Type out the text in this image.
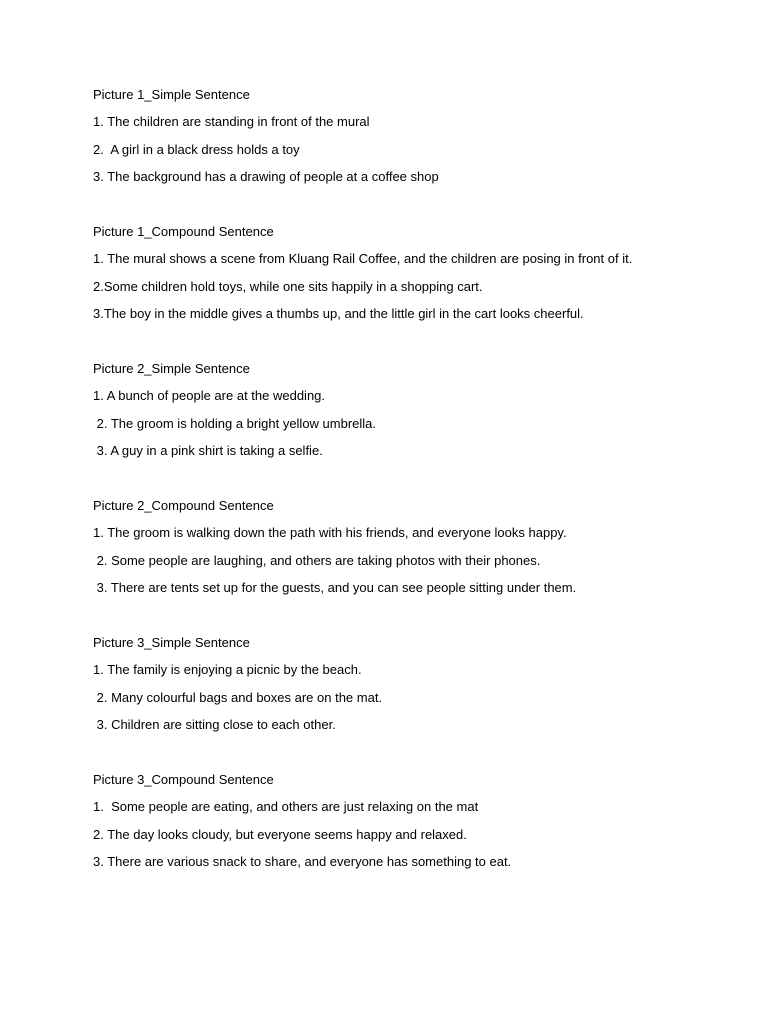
Picture 1_Simple Sentence
1. The children are standing in front of the mural
2.  A girl in a black dress holds a toy
3. The background has a drawing of people at a coffee shop
Picture 1_Compound Sentence
1. The mural shows a scene from Kluang Rail Coffee, and the children are posing in front of it.
2.Some children hold toys, while one sits happily in a shopping cart.
3.The boy in the middle gives a thumbs up, and the little girl in the cart looks cheerful.
Picture 2_Simple Sentence
1. A bunch of people are at the wedding.
2. The groom is holding a bright yellow umbrella.
3. A guy in a pink shirt is taking a selfie.
Picture 2_Compound Sentence
1. The groom is walking down the path with his friends, and everyone looks happy.
2. Some people are laughing, and others are taking photos with their phones.
3. There are tents set up for the guests, and you can see people sitting under them.
Picture 3_Simple Sentence
1. The family is enjoying a picnic by the beach.
2. Many colourful bags and boxes are on the mat.
3. Children are sitting close to each other.
Picture 3_Compound Sentence
1.  Some people are eating, and others are just relaxing on the mat
2. The day looks cloudy, but everyone seems happy and relaxed.
3. There are various snack to share, and everyone has something to eat.
